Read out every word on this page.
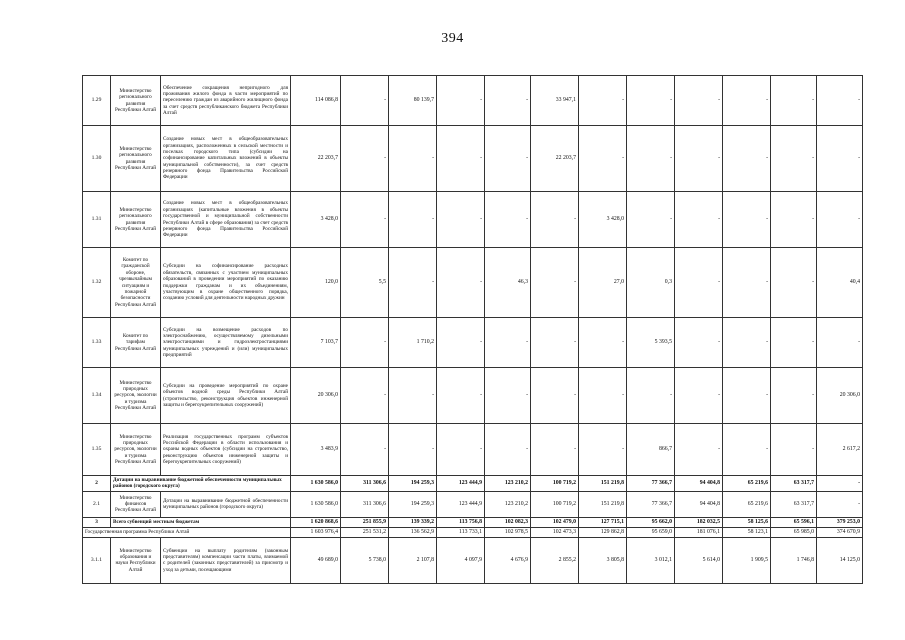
394
1.29	Министерство регионального развития Республики Алтай	Обеспечение сокращения непригодного для проживания жилого фонда в части мероприятий по переселению граждан из аварийного жилищного фонда за счет средств республиканского бюджета Республики Алтай	114 086,8	-	80 139,7	-	-	33 947,1	-	-	-	-	-	-
1.30	Министерство регионального развития Республики Алтай	Создание новых мест в общеобразовательных организациях, расположенных в сельской местности и поселках городского типа (субсидии на софинансирование капитальных вложений в объекты муниципальной собственности), за счет средств резервного фонда Правительства Российской Федерации	22 203,7	-	-	-	-	22 203,7	-	-	-	-	-	-
1.31	Министерство регионального развития Республики Алтай	Создание новых мест в общеобразовательных организациях (капитальные вложения в объекты государственной и муниципальной собственности Республики Алтай в сфере образования) за счет средств резервного фонда Правительства Российской Федерации	3 428,0	-	-	-	-	-	3 428,0	-	-	-	-	-
1.32	Комитет по гражданской обороне, чрезвычайным ситуациям и пожарной безопасности Республики Алтай	Субсидии на софинансирование расходных обязательств, связанных с участием муниципальных образований в проведении мероприятий по оказанию поддержки гражданам и их объединениям, участвующим в охране общественного порядка, созданию условий для деятельности народных дружин	120,0	5,5	-	-	46,3	-	27,0	0,3	-	-	-	40,4
1.33	Комитет по тарифам Республики Алтай	Субсидии на возмещение расходов по электроснабжению, осуществляемому дизельными электростанциями и гидроэлектростанциями муниципальных учреждений и (или) муниципальных предприятий	7 103,7	-	1 710,2	-	-	-	-	5 393,5	-	-	-	-
1.34	Министерство природных ресурсов, экологии и туризма Республики Алтай	Субсидии на проведение мероприятий по охране объектов водной среды Республики Алтай (строительство, реконструкция объектов инженерной защиты и берегоукрепительных сооружений)	20 306,0	-	-	-	-	-	-	-	-	-	-	20 306,0
1.35	Министерство природных ресурсов, экологии и туризма Республики Алтай	Реализация государственных программ субъектов Российской Федерации в области использования и охраны водных объектов (субсидии на строительство, реконструкцию объектов инженерной защиты и берегоукрепительных сооружений)	3 483,9	-	-	-	-	-	-	866,7	-	-	-	2 617,2
2	Дотации на выравнивание бюджетной обеспеченности муниципальных районов (городского округа)		1 630 586,0	311 306,6	194 259,3	123 444,9	123 210,2	100 719,2	151 219,8	77 366,7	94 404,8	65 219,6	63 317,7	-
2.1	Министерство финансов Республики Алтай	Дотации на выравнивание бюджетной обеспеченности муниципальных районов (городского округа)	1 630 586,0	311 306,6	194 259,3	123 444,9	123 210,2	100 719,2	151 219,8	77 366,7	94 404,8	65 219,6	63 317,7	-
3	Всего субвенций местным бюджетам		1 620 868,6	251 855,9	139 339,2	113 756,8	102 082,3	102 479,0	127 715,1	95 662,0	182 032,5	58 125,6	65 596,1	379 253,0
Государственная программа Республики Алтай			1 603 976,4	251 531,2	136 562,9	113 733,1	102 978,5	102 473,3	129 862,8	95 659,0	181 076,1	58 123,1	65 985,0	374 670,9
3.1.1	Министерство образования и науки Республики Алтай	Субвенции на выплату родителям (законным представителям) компенсации части платы, взимаемой с родителей (законных представителей) за присмотр и уход за детьми, посещающими	49 689,0	5 738,0	2 107,8	4 097,9	4 676,9	2 855,2	3 805,8	3 012,1	5 614,0	1 909,5	1 746,8	14 125,0
